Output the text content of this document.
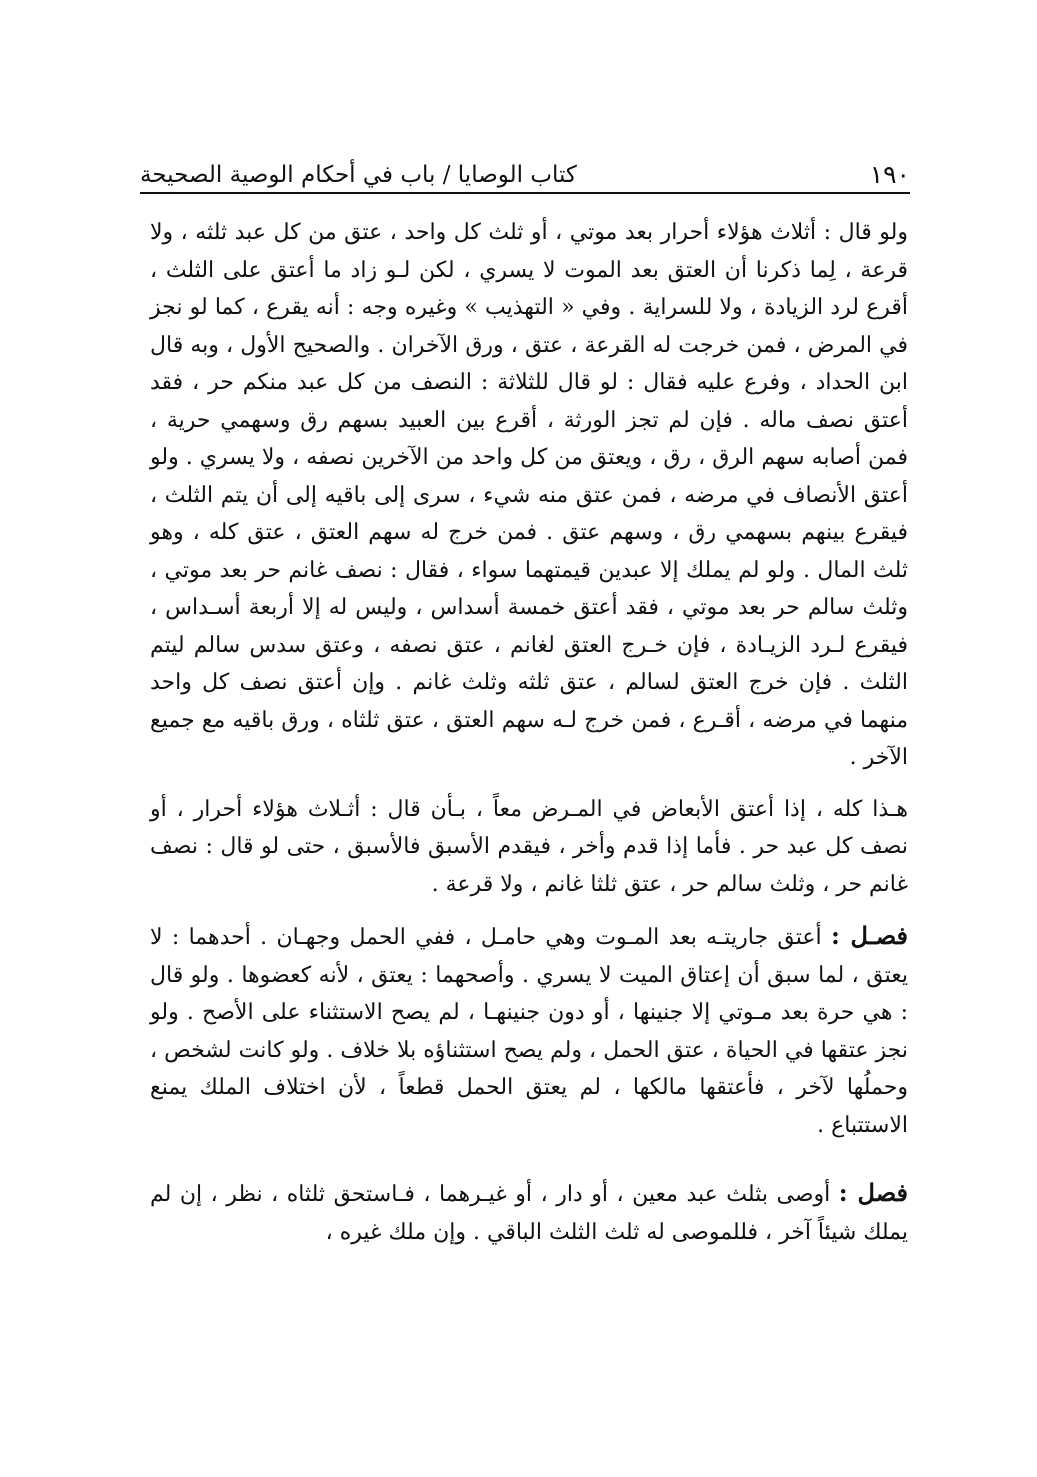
١٩٠
كتاب الوصايا / باب في أحكام الوصية الصحيحة

ولو قال : أثلاث هؤلاء أحرار بعد موتي ، أو ثلث كل واحد ، عتق من كل عبد ثلثه ، ولا قرعة ، لِما ذكرنا أن العتق بعد الموت لا يسري ، لكن لـو زاد ما أعتق على الثلث ، أقرع لرد الزيادة ، ولا للسراية . وفي « التهذيب » وغيره وجه : أنه يقرع ، كما لو نجز في المرض ، فمن خرجت له القرعة ، عتق ، ورق الآخران . والصحيح الأول ، وبه قال ابن الحداد ، وفرع عليه فقال : لو قال للثلاثة : النصف من كل عبد منكم حر ، فقد أعتق نصف ماله . فإن لم تجز الورثة ، أقرع بين العبيد بسهم رق وسهمي حرية ، فمن أصابه سهم الرق ، رق ، ويعتق من كل واحد من الآخرين نصفه ، ولا يسري . ولو أعتق الأنصاف في مرضه ، فمن عتق منه شيء ، سرى إلى باقيه إلى أن يتم الثلث ، فيقرع بينهم بسهمي رق ، وسهم عتق . فمن خرج له سهم العتق ، عتق كله ، وهو ثلث المال . ولو لم يملك إلا عبدين قيمتهما سواء ، فقال : نصف غانم حر بعد موتي ، وثلث سالم حر بعد موتي ، فقد أعتق خمسة أسداس ، وليس له إلا أربعة أسـداس ، فيقرع لـرد الزيـادة ، فإن خـرج العتق لغانم ، عتق نصفه ، وعتق سدس سالم ليتم الثلث . فإن خرج العتق لسالم ، عتق ثلثه وثلث غانم . وإن أعتق نصف كل واحد منهما في مرضه ، أقـرع ، فمن خرج لـه سهم العتق ، عتق ثلثاه ، ورق باقيه مع جميع الآخر .

هـذا كله ، إذا أعتق الأبعاض في المـرض معاً ، بـأن قال : أثـلاث هؤلاء أحرار ، أو نصف كل عبد حر . فأما إذا قدم وأخر ، فيقدم الأسبق فالأسبق ، حتى لو قال : نصف غانم حر ، وثلث سالم حر ، عتق ثلثا غانم ، ولا قرعة .

فصـل : أعتق جاريتـه بعد المـوت وهي حامـل ، ففي الحمل وجهـان . أحدهما : لا يعتق ، لما سبق أن إعتاق الميت لا يسري . وأصحهما : يعتق ، لأنه كعضوها . ولو قال : هي حرة بعد مـوتي إلا جنينها ، أو دون جنينهـا ، لم يصح الاستثناء على الأصح . ولو نجز عتقها في الحياة ، عتق الحمل ، ولم يصح استثناؤه بلا خلاف . ولو كانت لشخص ، وحملُها لآخر ، فأعتقها مالكها ، لم يعتق الحمل قطعاً ، لأن اختلاف الملك يمنع الاستتباع .

فصل : أوصى بثلث عبد معين ، أو دار ، أو غيـرهما ، فـاستحق ثلثاه ، نظر ، إن لم يملك شيئاً آخر ، فللموصى له ثلث الثلث الباقي . وإن ملك غيره ،
